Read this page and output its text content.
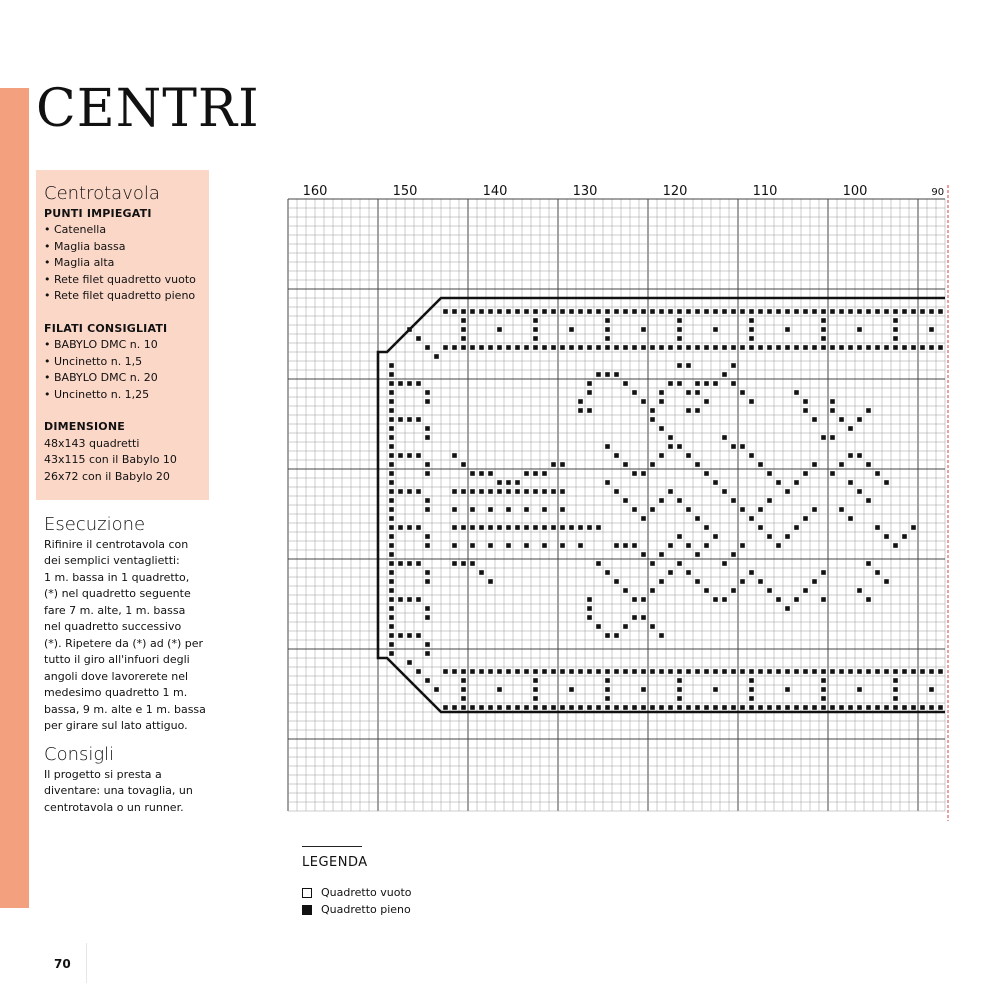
CENTRI
Centrotavola
PUNTI IMPIEGATI
• Catenella
• Maglia bassa
• Maglia alta
• Rete filet quadretto vuoto
• Rete filet quadretto pieno
FILATI CONSIGLIATI
• BABYLO DMC n. 10
• Uncinetto n. 1,5
• BABYLO DMC n. 20
• Uncinetto n. 1,25
DIMENSIONE

48x143 quadretti

43x115 con il Babylo 10

26x72 con il Babylo 20

Esecuzione

Rifinire il centrotavola con

dei semplici ventaglietti:

1 m. bassa in 1 quadretto,

(*) nel quadretto seguente

fare 7 m. alte, 1 m. bassa

nel quadretto successivo

(*). Ripetere da (*) ad (*) per

tutto il giro all'infuori degli

angoli dove lavorerete nel

medesimo quadretto 1 m.

bassa, 9 m. alte e 1 m. bassa

per girare sul lato attiguo.

Consigli

Il progetto si presta a

diventare: una tovaglia, un

centrotavola o un runner.

160	150	140	130	120	110	100	90
LEGENDA
Quadretto vuoto
Quadretto pieno
70
